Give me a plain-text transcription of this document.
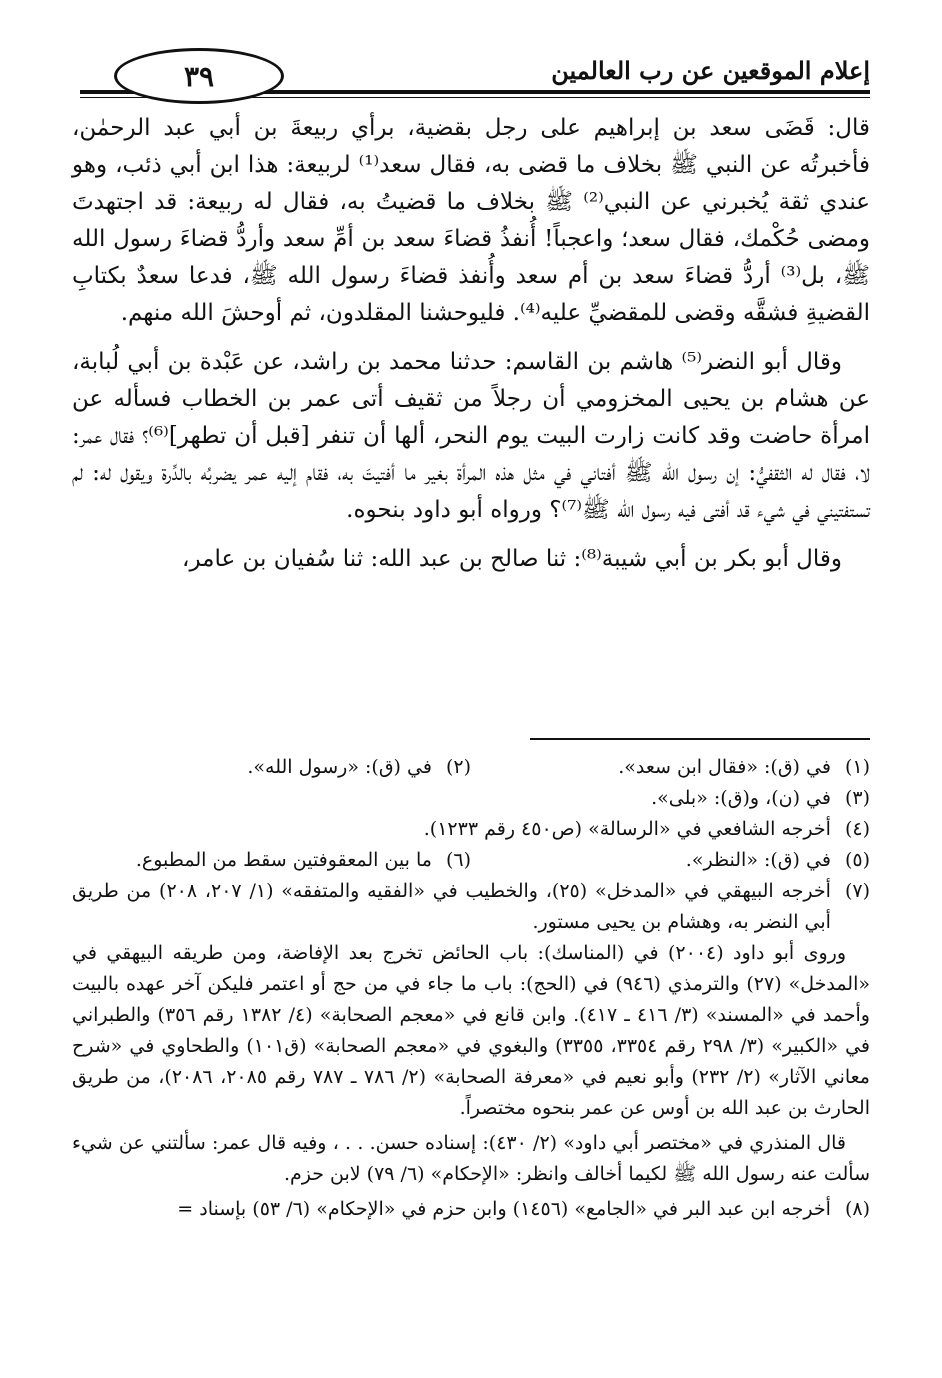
إعلام الموقعين عن رب العالمين
٣٩

قال: قَضَى سعد بن إبراهيم على رجل بقضية، برأي ربيعةَ بن أبي عبد الرحمٰن، فأخبرتُه عن النبي ﷺ بخلاف ما قضى به، فقال سعد⁽¹⁾ لربيعة: هذا ابن أبي ذئب، وهو عندي ثقة يُخبرني عن النبي⁽²⁾ ﷺ بخلاف ما قضيتُ به، فقال له ربيعة: قد اجتهدتَ ومضى حُكْمك، فقال سعد؛ واعجباً! أُنفذُ قضاءَ سعد بن أمِّ سعد وأردُّ قضاءَ رسول الله ﷺ، بل⁽³⁾ أردُّ قضاءَ سعد بن أم سعد وأُنفذ قضاءَ رسول الله ﷺ، فدعا سعدٌ بكتابِ القضيةِ فشقَّه وقضى للمقضيِّ عليه⁽⁴⁾. فليوحشنا المقلدون، ثم أوحشَ الله منهم.

وقال أبو النضر⁽⁵⁾ هاشم بن القاسم: حدثنا محمد بن راشد، عن عَبْدة بن أبي لُبابة، عن هشام بن يحيى المخزومي أن رجلاً من ثقيف أتى عمر بن الخطاب فسأله عن امرأة حاضت وقد كانت زارت البيت يوم النحر، ألها أن تنفر [قبل أن تطهر]⁽⁶⁾؟ فقال عمر: لا، فقال له الثقفيُّ: إن رسول الله ﷺ أفتاني في مثل هذه المرأة بغير ما أفتيتَ به، فقام إليه عمر يضربُه بالدِّرة ويقول له: لم تستفتيني في شيء قد أفتى فيه رسول الله ﷺ⁽⁷⁾؟ ورواه أبو داود بنحوه.

وقال أبو بكر بن أبي شيبة⁽⁸⁾: ثنا صالح بن عبد الله: ثنا سُفيان بن عامر،

(١)
في (ق): «فقال ابن سعد».
(٢)
في (ق): «رسول الله».
(٣)
في (ن)، و(ق): «بلى».
(٤)
أخرجه الشافعي في «الرسالة» (ص٤٥٠ رقم ١٢٣٣).
(٥)
في (ق): «النظر».
(٦)
ما بين المعقوفتين سقط من المطبوع.
(٧)
أخرجه البيهقي في «المدخل» (٢٥)، والخطيب في «الفقيه والمتفقه» (١/ ٢٠٧، ٢٠٨) من طريق أبي النضر به، وهشام بن يحيى مستور.

وروى أبو داود (٢٠٠٤) في (المناسك): باب الحائض تخرج بعد الإفاضة، ومن طريقه البيهقي في «المدخل» (٢٧) والترمذي (٩٤٦) في (الحج): باب ما جاء في من حج أو اعتمر فليكن آخر عهده بالبيت وأحمد في «المسند» (٣/ ٤١٦ ـ ٤١٧). وابن قانع في «معجم الصحابة» (٤/ ١٣٨٢ رقم ٣٥٦) والطبراني في «الكبير» (٣/ ٢٩٨ رقم ٣٣٥٤، ٣٣٥٥) والبغوي في «معجم الصحابة» (ق١٠١) والطحاوي في «شرح معاني الآثار» (٢/ ٢٣٢) وأبو نعيم في «معرفة الصحابة» (٢/ ٧٨٦ ـ ٧٨٧ رقم ٢٠٨٥، ٢٠٨٦)، من طريق الحارث بن عبد الله بن أوس عن عمر بنحوه مختصراً.

قال المنذري في «مختصر أبي داود» (٢/ ٤٣٠): إسناده حسن. . . ، وفيه قال عمر: سألتني عن شيء سألت عنه رسول الله ﷺ لكيما أخالف وانظر: «الإحكام» (٦/ ٧٩) لابن حزم.

(٨)
أخرجه ابن عبد البر في «الجامع» (١٤٥٦) وابن حزم في «الإحكام» (٦/ ٥٣) بإسناد =
